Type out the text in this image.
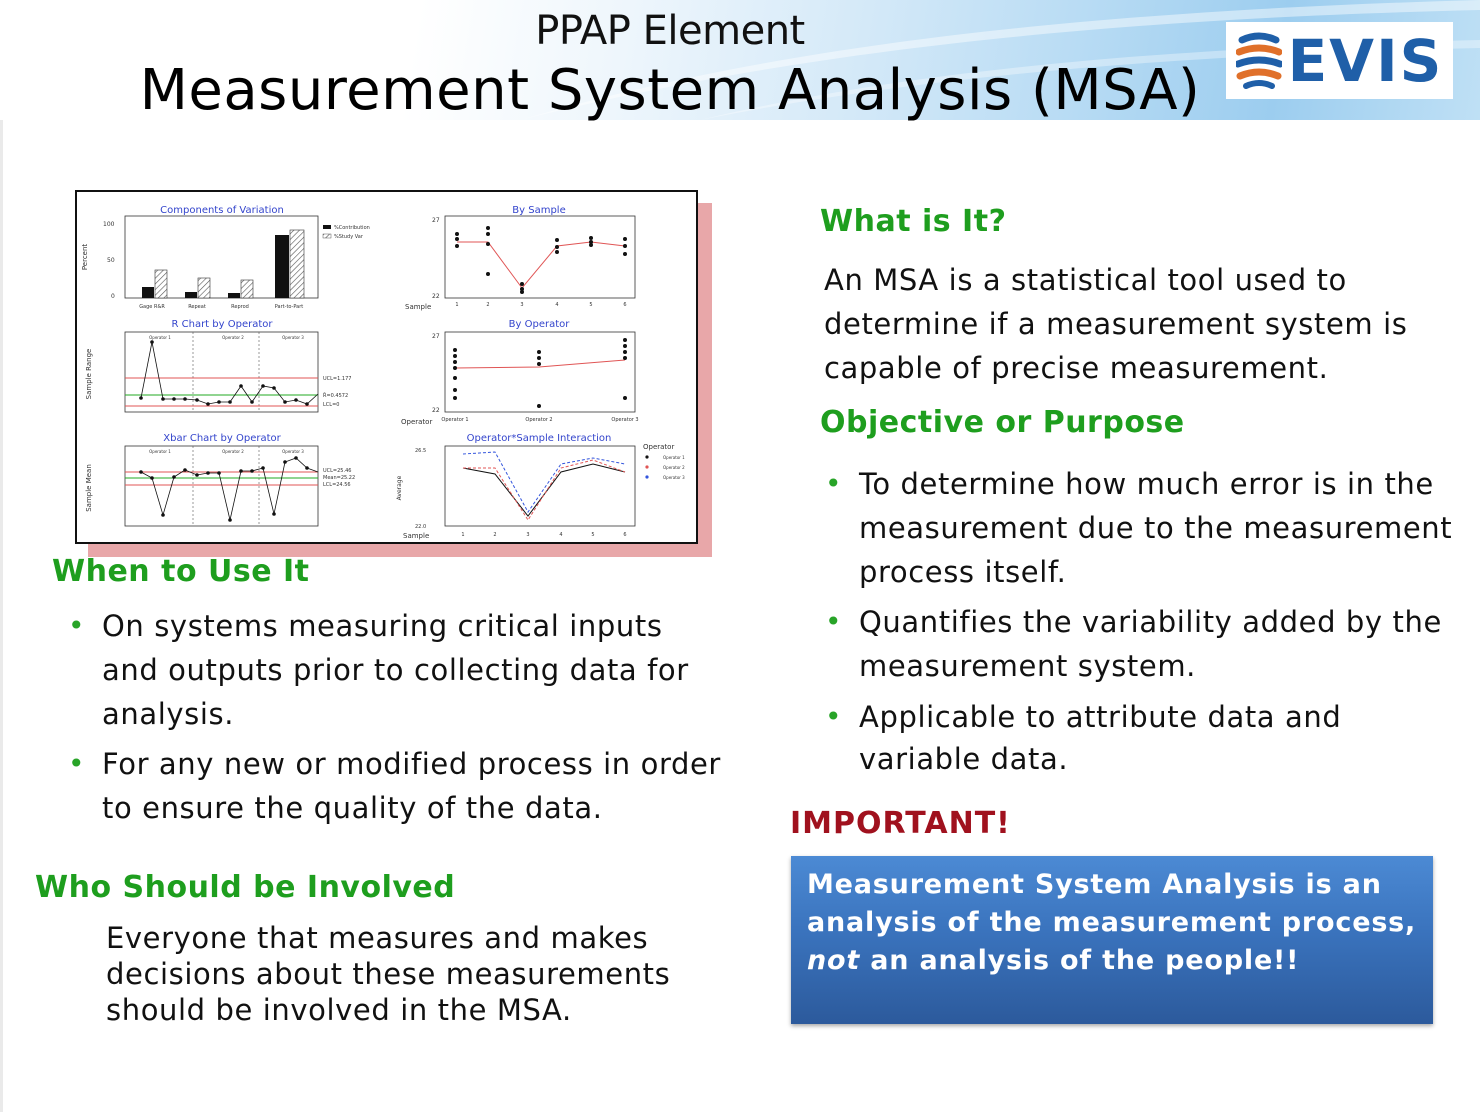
PPAP Element
Measurement System Analysis (MSA)	EVIS
Components of Variation
Percent
0
50
100
Gage R&R	Repeat	Reprod	Part-to-Part
%Contribution
%Study Var
By Sample
22
27
Sample	1	2	3	4	5	6
R Chart by Operator
Sample Range
Operator 1	Operator 2	Operator 3
UCL=1.177
R̄=0.4572
LCL=0
By Operator
22
27
Operator Operator 1	Operator 2	Operator 3
Xbar Chart by Operator
Sample Mean
Operator 1	Operator 2	Operator 3
UCL=25.46
Mean=25.22
LCL=24.56
Operator*Sample Interaction
Average
22.0
26.5
Sample	1	2	3	4	5	6
Operator
Operator 1
Operator 2
Operator 3
When to Use It
• On systems measuring critical inputs and outputs prior to collecting data for analysis.
• For any new or modified process in order to ensure the quality of the data.
Who Should be Involved
Everyone that measures and makes decisions about these measurements should be involved in the MSA.
What is It?
An MSA is a statistical tool used to determine if a measurement system is capable of precise measurement.
Objective or Purpose
• To determine how much error is in the measurement due to the measurement process itself.
• Quantifies the variability added by the measurement system.
• Applicable to attribute data and variable data.
IMPORTANT!
Measurement System Analysis is an analysis of the measurement process, not an analysis of the people!!
